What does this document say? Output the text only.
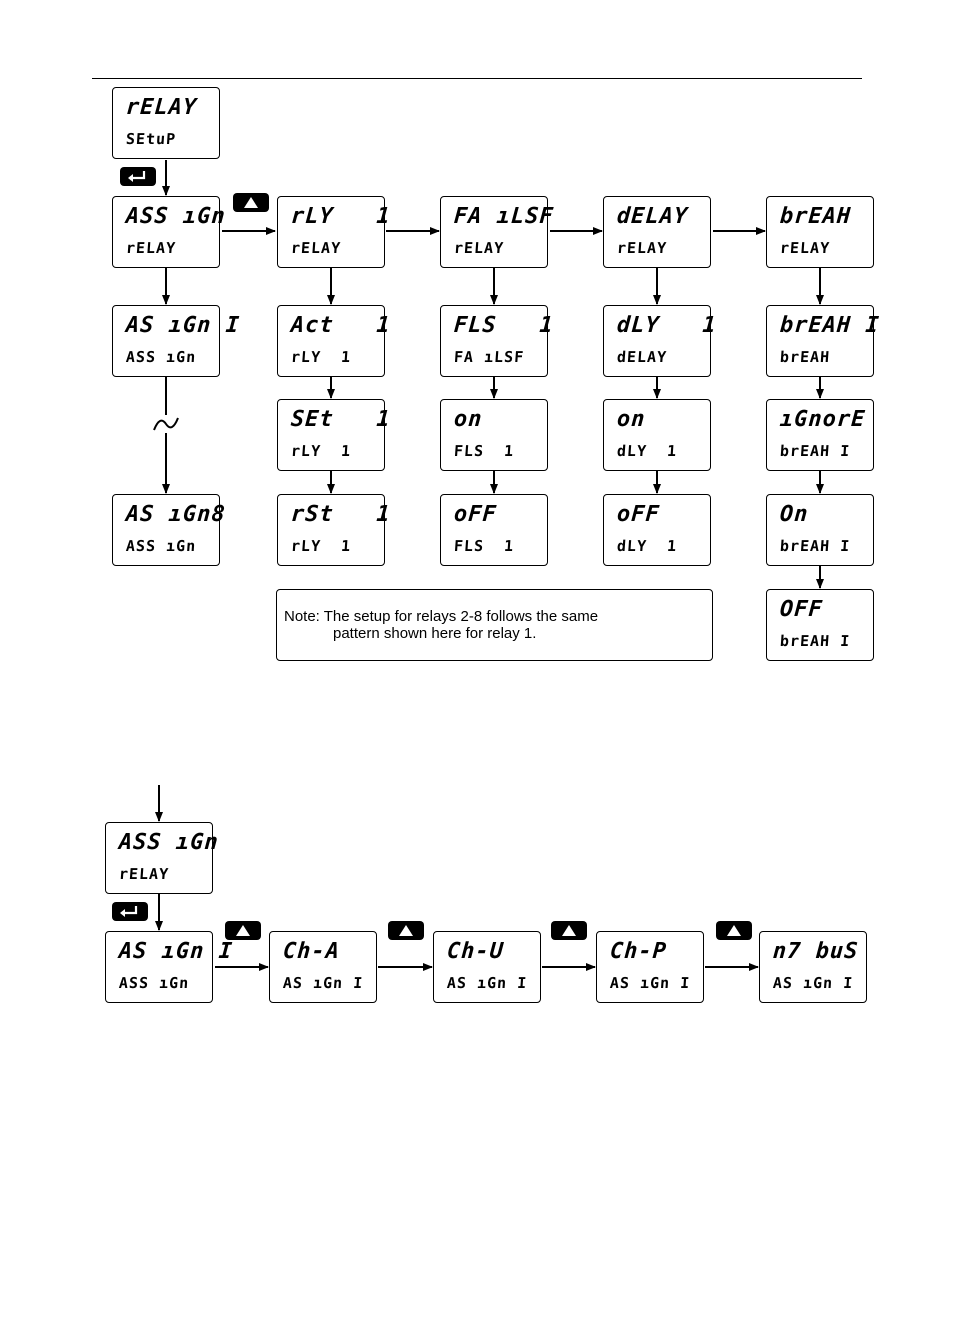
rELAY
SEtuP
ASS ıGn
rELAY
rLY   1
rELAY
FA ıLSF
rELAY
dELAY
rELAY
brEAH
rELAY
AS ıGn I
ASS ıGn
Act   1
rLY  1
FLS   1
FA ıLSF
dLY   1
dELAY
brEAH I
brEAH
SEt   1
rLY  1
on
FLS  1
on
dLY  1
ıGnorE
brEAH I
AS ıGn8
ASS ıGn
rSt   1
rLY  1
oFF
FLS  1
oFF
dLY  1
On
brEAH I
OFF
brEAH I
Note: The setup for relays 2-8 follows the same
pattern shown here for relay 1.
ASS ıGn
rELAY
AS ıGn I
ASS ıGn
Ch-A
AS ıGn I
Ch-U
AS ıGn I
Ch-P
AS ıGn I
n7 buS
AS ıGn I
